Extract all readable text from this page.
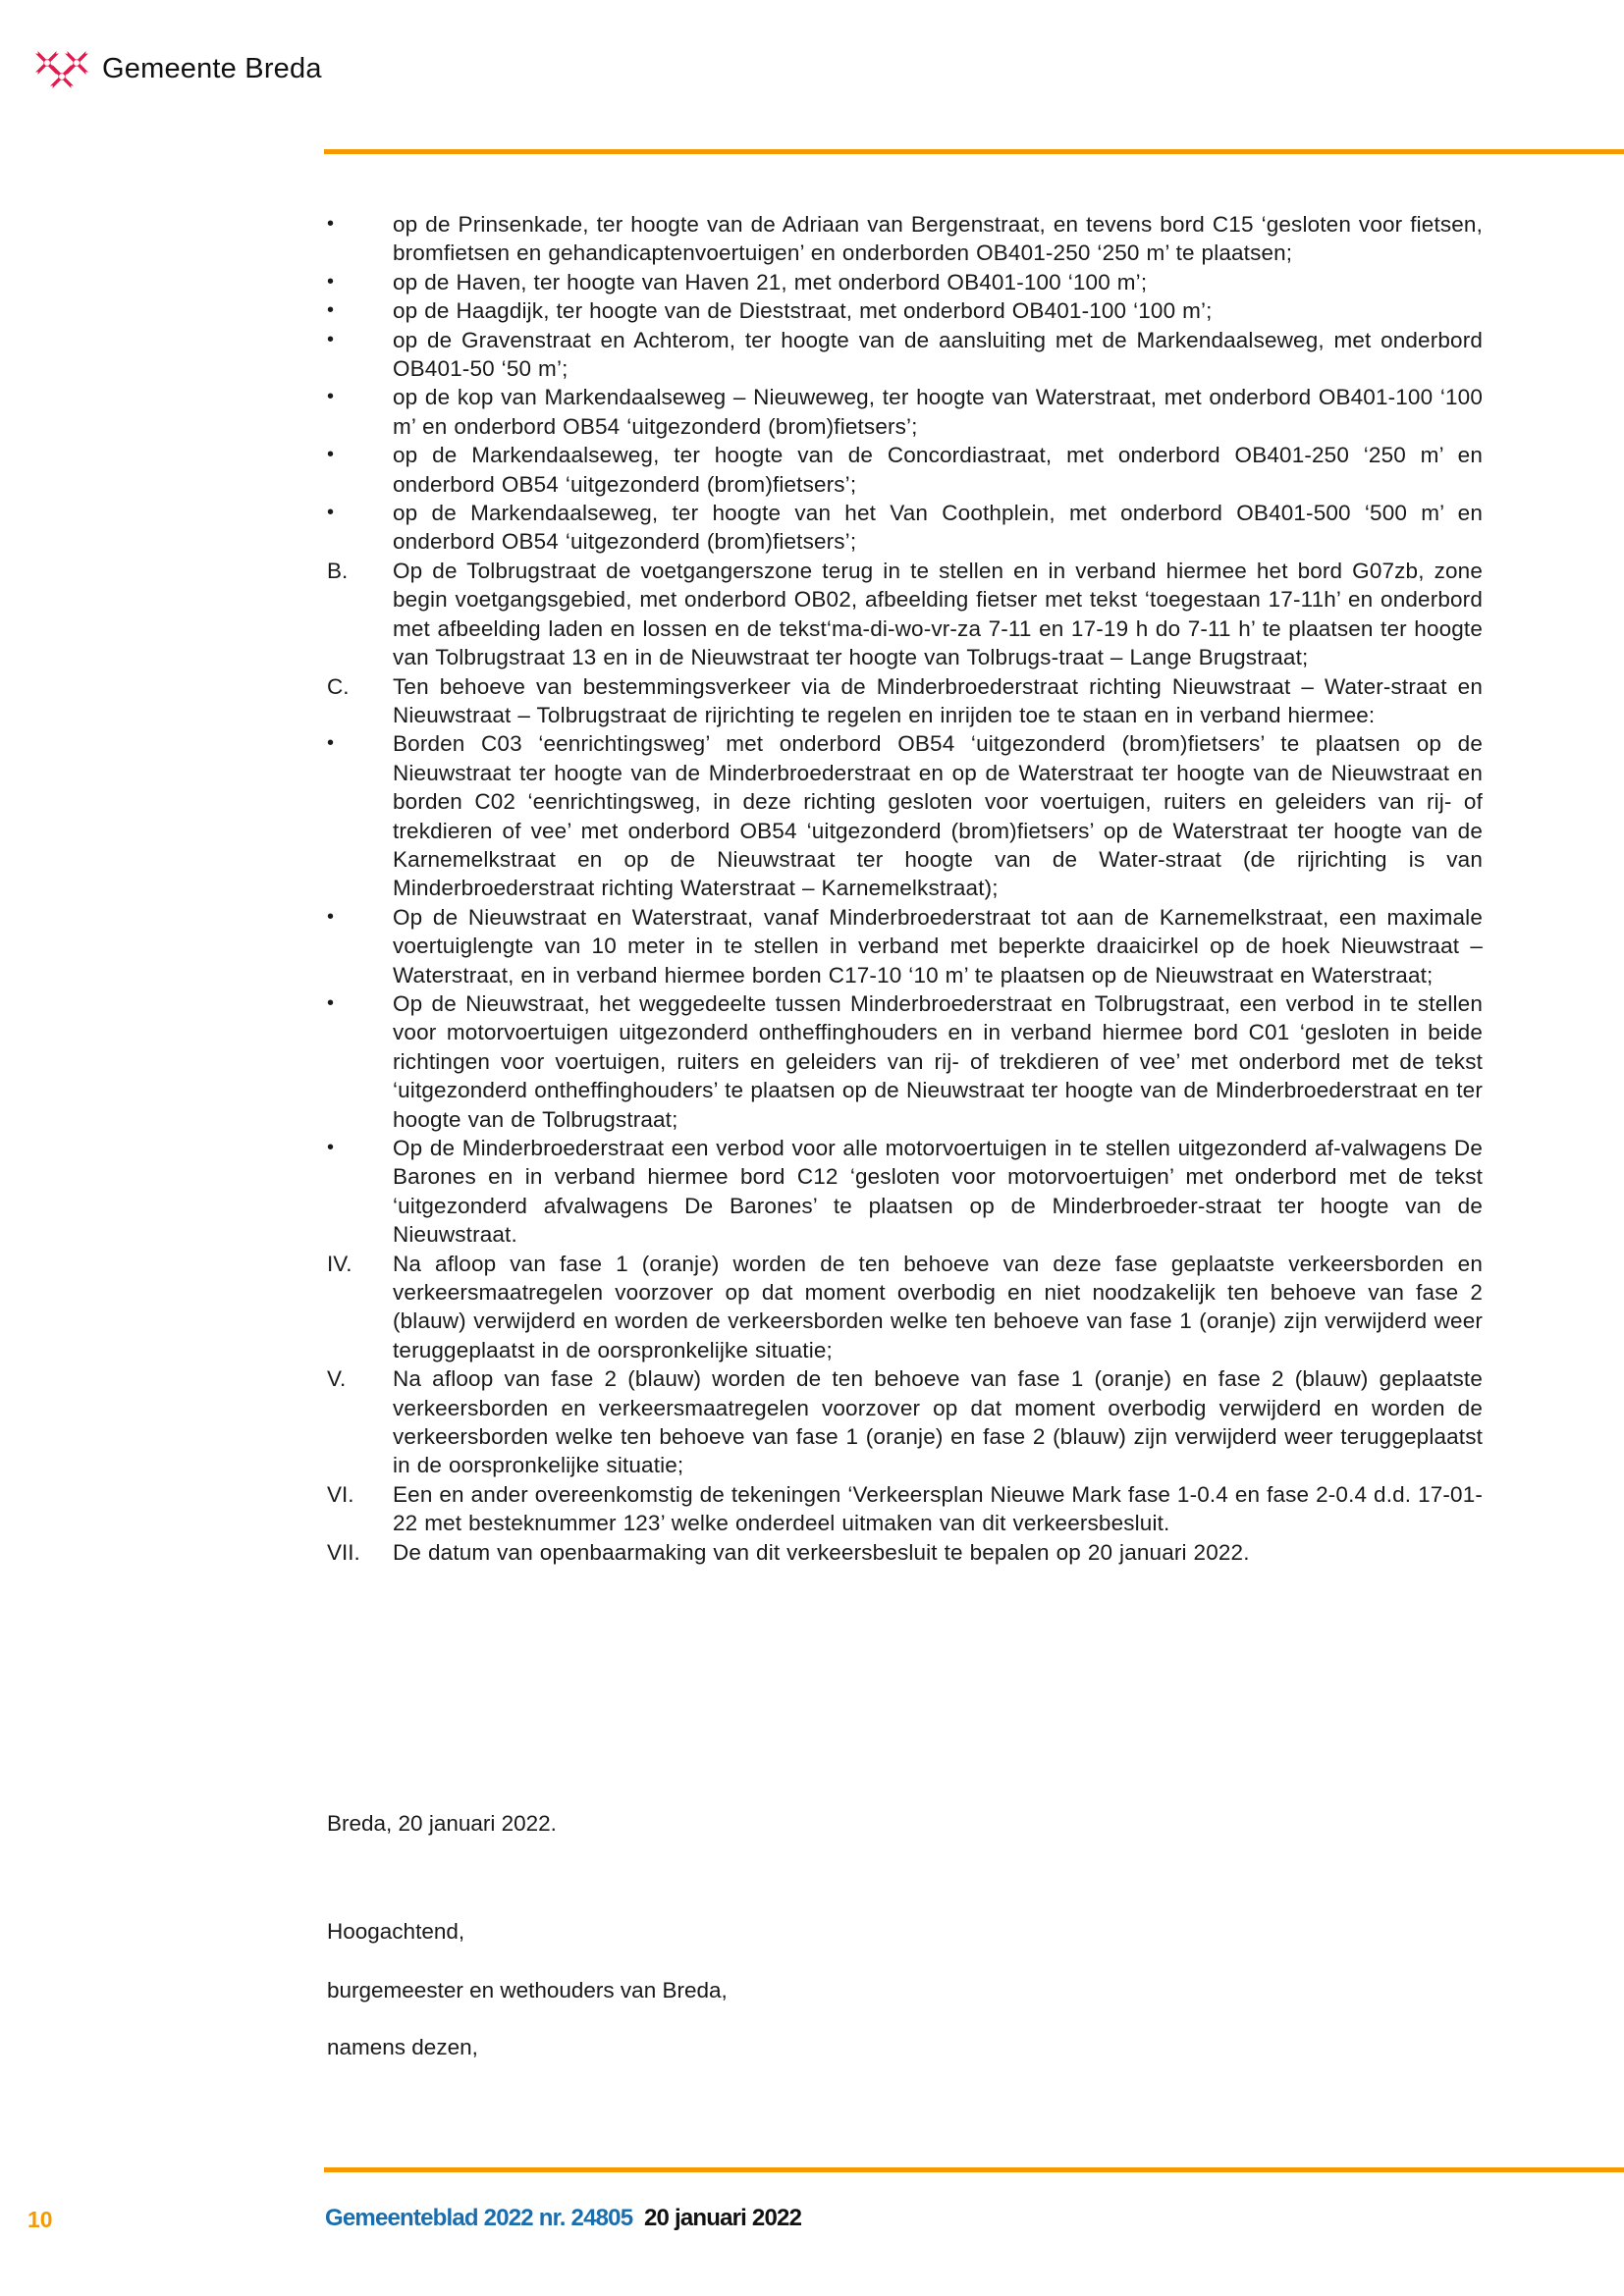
Gemeente Breda
•	op de Prinsenkade, ter hoogte van de Adriaan van Bergenstraat, en tevens bord C15 ‘gesloten voor fietsen, bromfietsen en gehandicaptenvoertuigen’ en onderborden OB401-250 ‘250 m’ te plaatsen;
•	op de Haven, ter hoogte van Haven 21, met onderbord OB401-100 ‘100 m’;
•	op de Haagdijk, ter hoogte van de Dieststraat, met onderbord OB401-100 ‘100 m’;
•	op de Gravenstraat en Achterom, ter hoogte van de aansluiting met de Markendaalseweg, met onderbord OB401-50 ‘50 m’;
•	op de kop van Markendaalseweg – Nieuweweg, ter hoogte van Waterstraat, met onderbord OB401-100 ‘100 m’ en onderbord OB54 ‘uitgezonderd (brom)fietsers’;
•	op de Markendaalseweg, ter hoogte van de Concordiastraat, met onderbord OB401-250 ‘250 m’ en onderbord OB54 ‘uitgezonderd (brom)fietsers’;
•	op de Markendaalseweg, ter hoogte van het Van Coothplein, met onderbord OB401-500 ‘500 m’ en onderbord OB54 ‘uitgezonderd (brom)fietsers’;
B.	Op de Tolbrugstraat de voetgangerszone terug in te stellen en in verband hiermee het bord G07zb, zone begin voetgangsgebied, met onderbord OB02, afbeelding fietser met tekst ‘toegestaan 17-11h’ en onderbord met afbeelding laden en lossen en de tekst‘ma-di-wo-vr-za 7-11 en 17-19 h do 7-11 h’ te plaatsen ter hoogte van Tolbrugstraat 13 en in de Nieuwstraat ter hoogte van Tolbrugs-traat – Lange Brugstraat;
C.	Ten behoeve van bestemmingsverkeer via de Minderbroederstraat richting Nieuwstraat – Water-straat en Nieuwstraat – Tolbrugstraat de rijrichting te regelen en inrijden toe te staan en in verband hiermee:
•	Borden C03 ‘eenrichtingsweg’ met onderbord OB54 ‘uitgezonderd (brom)fietsers’ te plaatsen op de Nieuwstraat ter hoogte van de Minderbroederstraat en op de Waterstraat ter hoogte van de Nieuwstraat en borden C02 ‘eenrichtingsweg, in deze richting gesloten voor voertuigen, ruiters en geleiders van rij- of trekdieren of vee’ met onderbord OB54 ‘uitgezonderd (brom)fietsers’ op de Waterstraat ter hoogte van de Karnemelkstraat en op de Nieuwstraat ter hoogte van de Water-straat (de rijrichting is van Minderbroederstraat richting Waterstraat – Karnemelkstraat);
•	Op de Nieuwstraat en Waterstraat, vanaf Minderbroederstraat tot aan de Karnemelkstraat, een maximale voertuiglengte van 10 meter in te stellen in verband met beperkte draaicirkel op de hoek Nieuwstraat – Waterstraat, en in verband hiermee borden C17-10 ‘10 m’ te plaatsen op de Nieuwstraat en Waterstraat;
•	Op de Nieuwstraat, het weggedeelte tussen Minderbroederstraat en Tolbrugstraat, een verbod in te stellen voor motorvoertuigen uitgezonderd ontheffinghouders en in verband hiermee bord C01 ‘gesloten in beide richtingen voor voertuigen, ruiters en geleiders van rij- of trekdieren of vee’ met onderbord met de tekst ‘uitgezonderd ontheffinghouders’ te plaatsen op de Nieuwstraat ter hoogte van de Minderbroederstraat en ter hoogte van de Tolbrugstraat;
•	Op de Minderbroederstraat een verbod voor alle motorvoertuigen in te stellen uitgezonderd af-valwagens De Barones en in verband hiermee bord C12 ‘gesloten voor motorvoertuigen’ met onderbord met de tekst ‘uitgezonderd afvalwagens De Barones’ te plaatsen op de Minderbroeder-straat ter hoogte van de Nieuwstraat.
IV.	Na afloop van fase 1 (oranje) worden de ten behoeve van deze fase geplaatste verkeersborden en verkeersmaatregelen voorzover op dat moment overbodig en niet noodzakelijk ten behoeve van fase 2 (blauw) verwijderd en worden de verkeersborden welke ten behoeve van fase 1 (oranje) zijn verwijderd weer teruggeplaatst in de oorspronkelijke situatie;
V.	Na afloop van fase 2 (blauw) worden de ten behoeve van fase 1 (oranje) en fase 2 (blauw) geplaatste verkeersborden en verkeersmaatregelen voorzover op dat moment overbodig verwijderd en worden de verkeersborden welke ten behoeve van fase 1 (oranje) en fase 2 (blauw) zijn verwijderd weer teruggeplaatst in de oorspronkelijke situatie;
VI.	Een en ander overeenkomstig de tekeningen ‘Verkeersplan Nieuwe Mark fase 1-0.4 en fase 2-0.4 d.d. 17-01-22 met besteknummer 123’ welke onderdeel uitmaken van dit verkeersbesluit.
VII.	De datum van openbaarmaking van dit verkeersbesluit te bepalen op 20 januari 2022.
Breda, 20 januari 2022.
Hoogachtend,
burgemeester en wethouders van Breda,
namens dezen,
10	Gemeenteblad 2022 nr. 24805 20 januari 2022
